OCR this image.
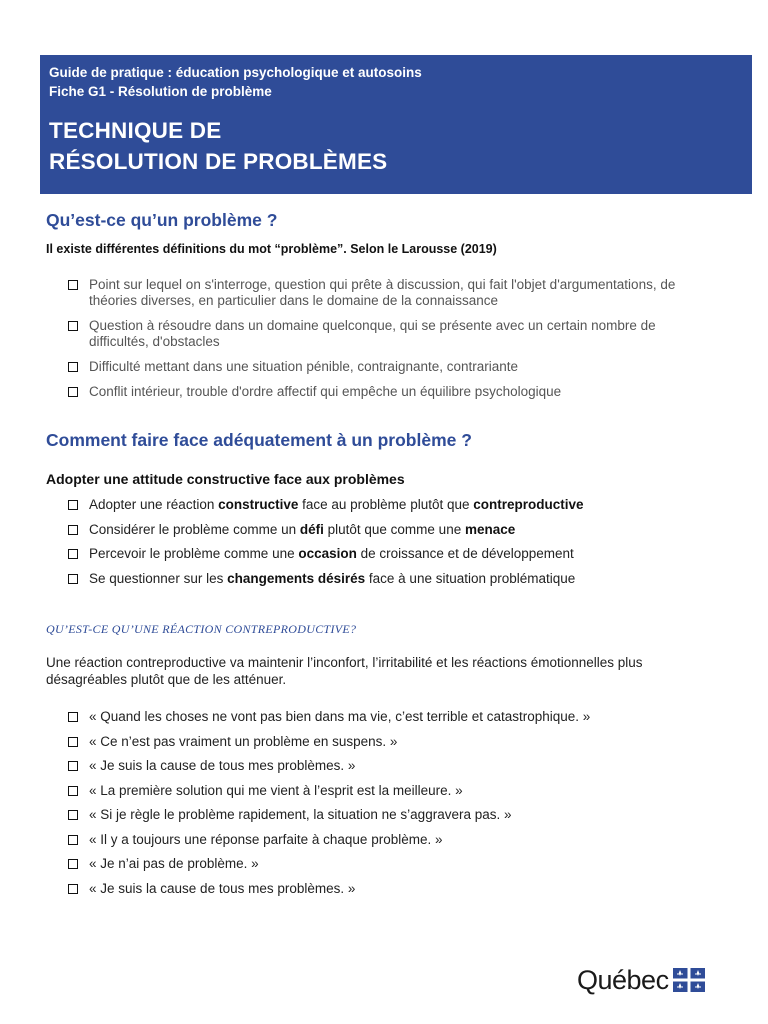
Guide de pratique : éducation psychologique et autosoins
Fiche G1 - Résolution de problème
TECHNIQUE DE
RÉSOLUTION DE PROBLÈMES
Qu’est-ce qu’un problème ?
Il existe différentes définitions du mot “problème”. Selon le Larousse (2019)
Point sur lequel on s'interroge, question qui prête à discussion, qui fait l'objet d'argumentations, de théories diverses, en particulier dans le domaine de la connaissance
Question à résoudre dans un domaine quelconque, qui se présente avec un certain nombre de difficultés, d'obstacles
Difficulté mettant dans une situation pénible, contraignante, contrariante
Conflit intérieur, trouble d'ordre affectif qui empêche un équilibre psychologique
Comment faire face adéquatement à un problème ?
Adopter une attitude constructive face aux problèmes
Adopter une réaction constructive face au problème plutôt que contreproductive
Considérer le problème comme un défi plutôt que comme une menace
Percevoir le problème comme une occasion de croissance et de développement
Se questionner sur les changements désirés face à une situation problématique
QU’EST-CE QU’UNE RÉACTION CONTREPRODUCTIVE?
Une réaction contreproductive va maintenir l’inconfort, l’irritabilité et les réactions émotionnelles plus désagréables plutôt que de les atténuer.
« Quand les choses ne vont pas bien dans ma vie, c’est terrible et catastrophique. »
« Ce n’est pas vraiment un problème en suspens. »
« Je suis la cause de tous mes problèmes. »
« La première solution qui me vient à l’esprit est la meilleure. »
« Si je règle le problème rapidement, la situation ne s’aggravera pas. »
« Il y a toujours une réponse parfaite à chaque problème. »
« Je n’ai pas de problème. »
« Je suis la cause de tous mes problèmes. »
Québec
